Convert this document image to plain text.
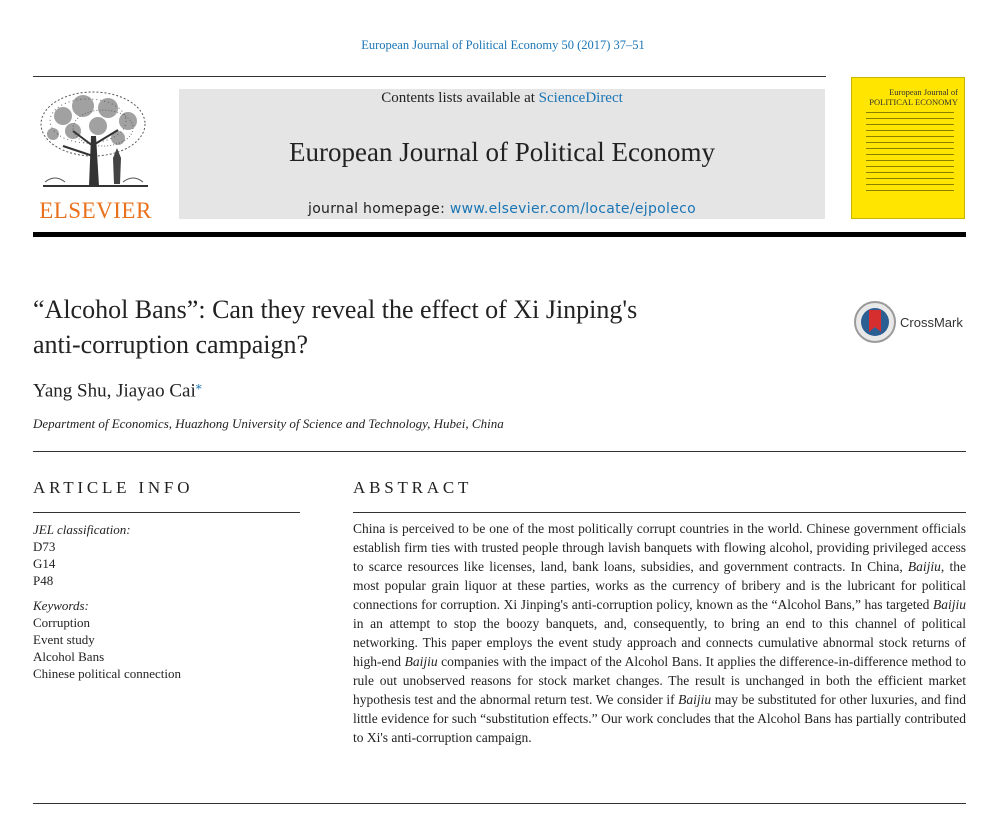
European Journal of Political Economy 50 (2017) 37–51
ELSEVIER
Contents lists available at ScienceDirect
European Journal of Political Economy
journal homepage: www.elsevier.com/locate/ejpoleco
European Journal of
POLITICAL ECONOMY
“Alcohol Bans”: Can they reveal the effect of Xi Jinping's
anti-corruption campaign?
CrossMark
Yang Shu, Jiayao Cai⁎
Department of Economics, Huazhong University of Science and Technology, Hubei, China
ARTICLE INFO	ABSTRACT
JEL classification:
D73
G14
P48
Keywords:
Corruption
Event study
Alcohol Bans
Chinese political connection
China is perceived to be one of the most politically corrupt countries in the world. Chinese government officials establish firm ties with trusted people through lavish banquets with flowing alcohol, providing privileged access to scarce resources like licenses, land, bank loans, subsidies, and government contracts. In China, Baijiu, the most popular grain liquor at these parties, works as the currency of bribery and is the lubricant for political connections for corruption. Xi Jinping's anti-corruption policy, known as the “Alcohol Bans,” has targeted Baijiu in an attempt to stop the boozy banquets, and, consequently, to bring an end to this channel of political networking. This paper employs the event study approach and connects cumulative abnormal stock returns of high-end Baijiu companies with the impact of the Alcohol Bans. It applies the difference-in-difference method to rule out unobserved reasons for stock market changes. The result is unchanged in both the efficient market hypothesis test and the abnormal return test. We consider if Baijiu may be substituted for other luxuries, and find little evidence for such “substitution effects.” Our work concludes that the Alcohol Bans has partially contributed to Xi's anti-corruption campaign.
